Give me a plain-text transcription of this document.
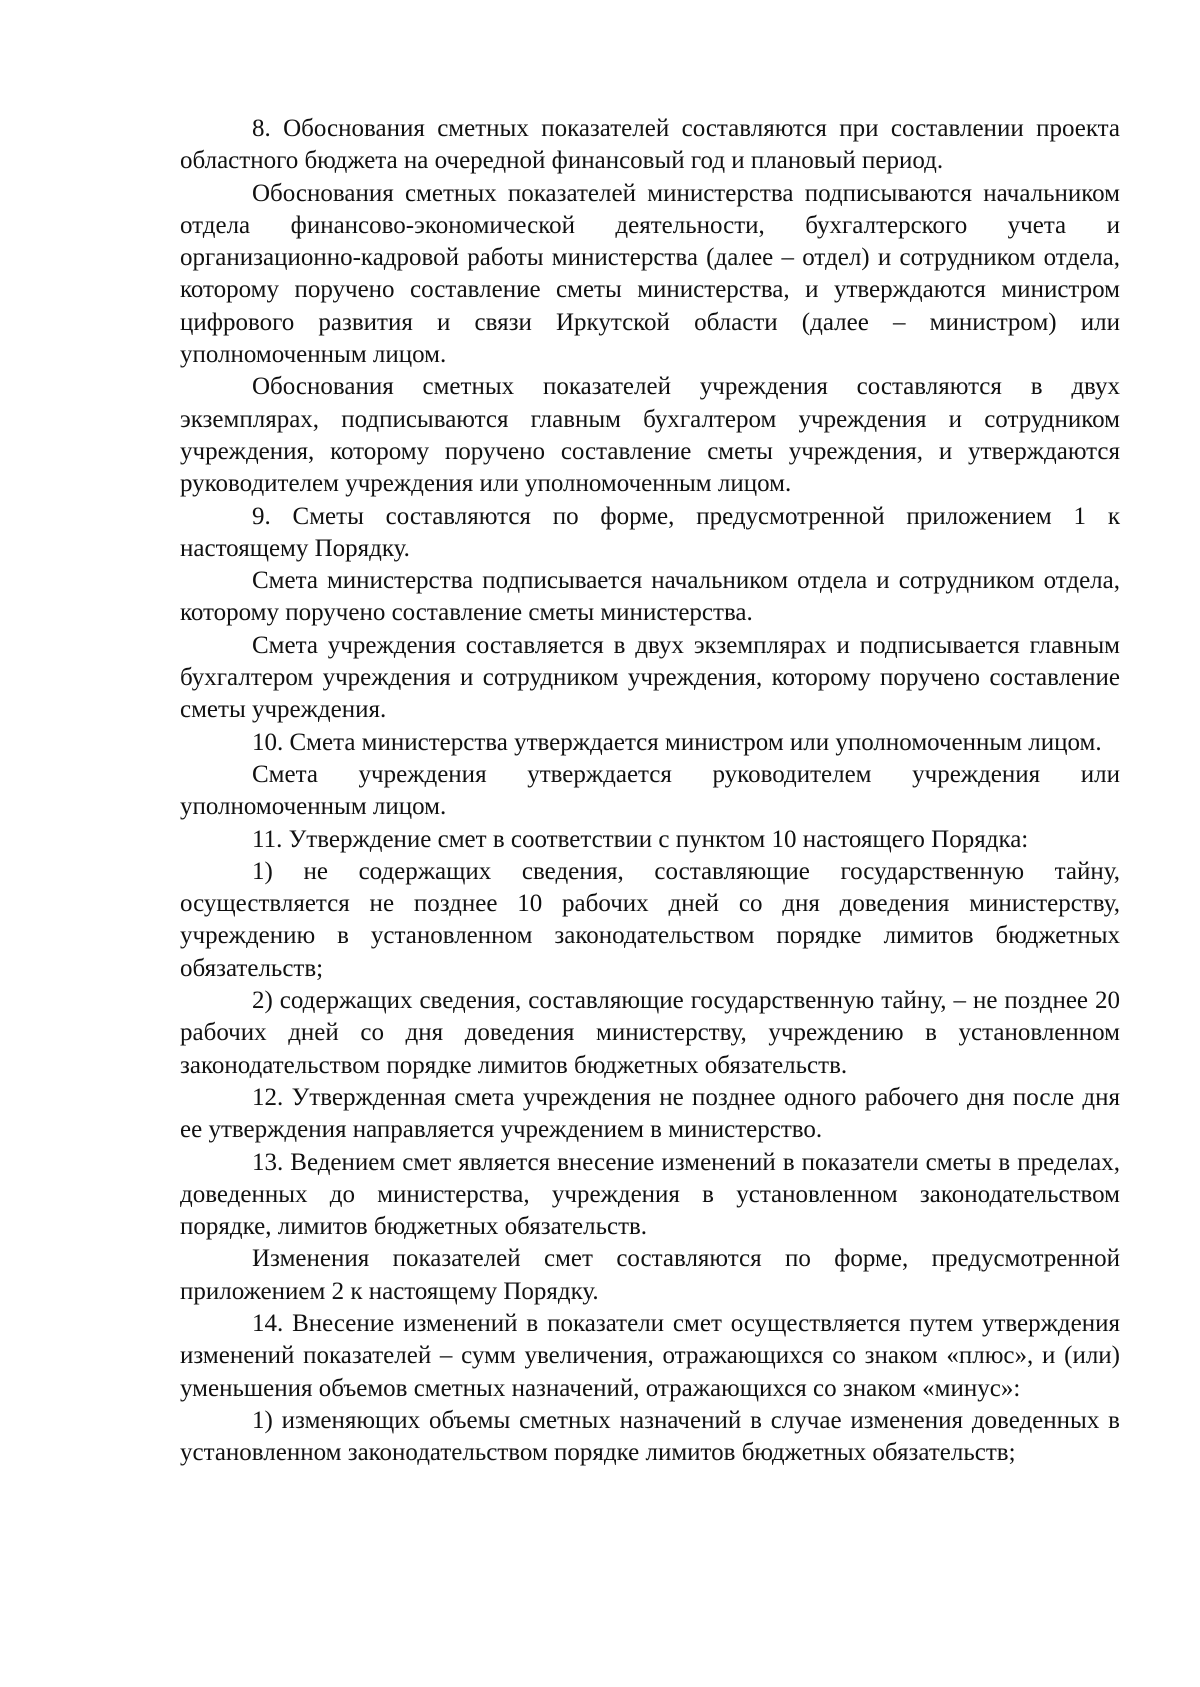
8. Обоснования сметных показателей составляются при составлении проекта областного бюджета на очередной финансовый год и плановый период.

Обоснования сметных показателей министерства подписываются начальником отдела финансово-экономической деятельности, бухгалтерского учета и организационно-кадровой работы министерства (далее – отдел) и сотрудником отдела, которому поручено составление сметы министерства, и утверждаются министром цифрового развития и связи Иркутской области (далее – министром) или уполномоченным лицом.

Обоснования сметных показателей учреждения составляются в двух экземплярах, подписываются главным бухгалтером учреждения и сотрудником учреждения, которому поручено составление сметы учреждения, и утверждаются руководителем учреждения или уполномоченным лицом.

9. Сметы составляются по форме, предусмотренной приложением 1 к настоящему Порядку.

Смета министерства подписывается начальником отдела и сотрудником отдела, которому поручено составление сметы министерства.

Смета учреждения составляется в двух экземплярах и подписывается главным бухгалтером учреждения и сотрудником учреждения, которому поручено составление сметы учреждения.

10. Смета министерства утверждается министром или уполномоченным лицом.

Смета учреждения утверждается руководителем учреждения или уполномоченным лицом.

11. Утверждение смет в соответствии с пунктом 10 настоящего Порядка:

1) не содержащих сведения, составляющие государственную тайну, осуществляется не позднее 10 рабочих дней со дня доведения министерству, учреждению в установленном законодательством порядке лимитов бюджетных обязательств;

2) содержащих сведения, составляющие государственную тайну, – не позднее 20 рабочих дней со дня доведения министерству, учреждению в установленном законодательством порядке лимитов бюджетных обязательств.

12. Утвержденная смета учреждения не позднее одного рабочего дня после дня ее утверждения направляется учреждением в министерство.

13. Ведением смет является внесение изменений в показатели сметы в пределах, доведенных до министерства, учреждения в установленном законодательством порядке, лимитов бюджетных обязательств.

Изменения показателей смет составляются по форме, предусмотренной приложением 2 к настоящему Порядку.

14. Внесение изменений в показатели смет осуществляется путем утверждения изменений показателей – сумм увеличения, отражающихся со знаком «плюс», и (или) уменьшения объемов сметных назначений, отражающихся со знаком «минус»:

1) изменяющих объемы сметных назначений в случае изменения доведенных в установленном законодательством порядке лимитов бюджетных обязательств;
